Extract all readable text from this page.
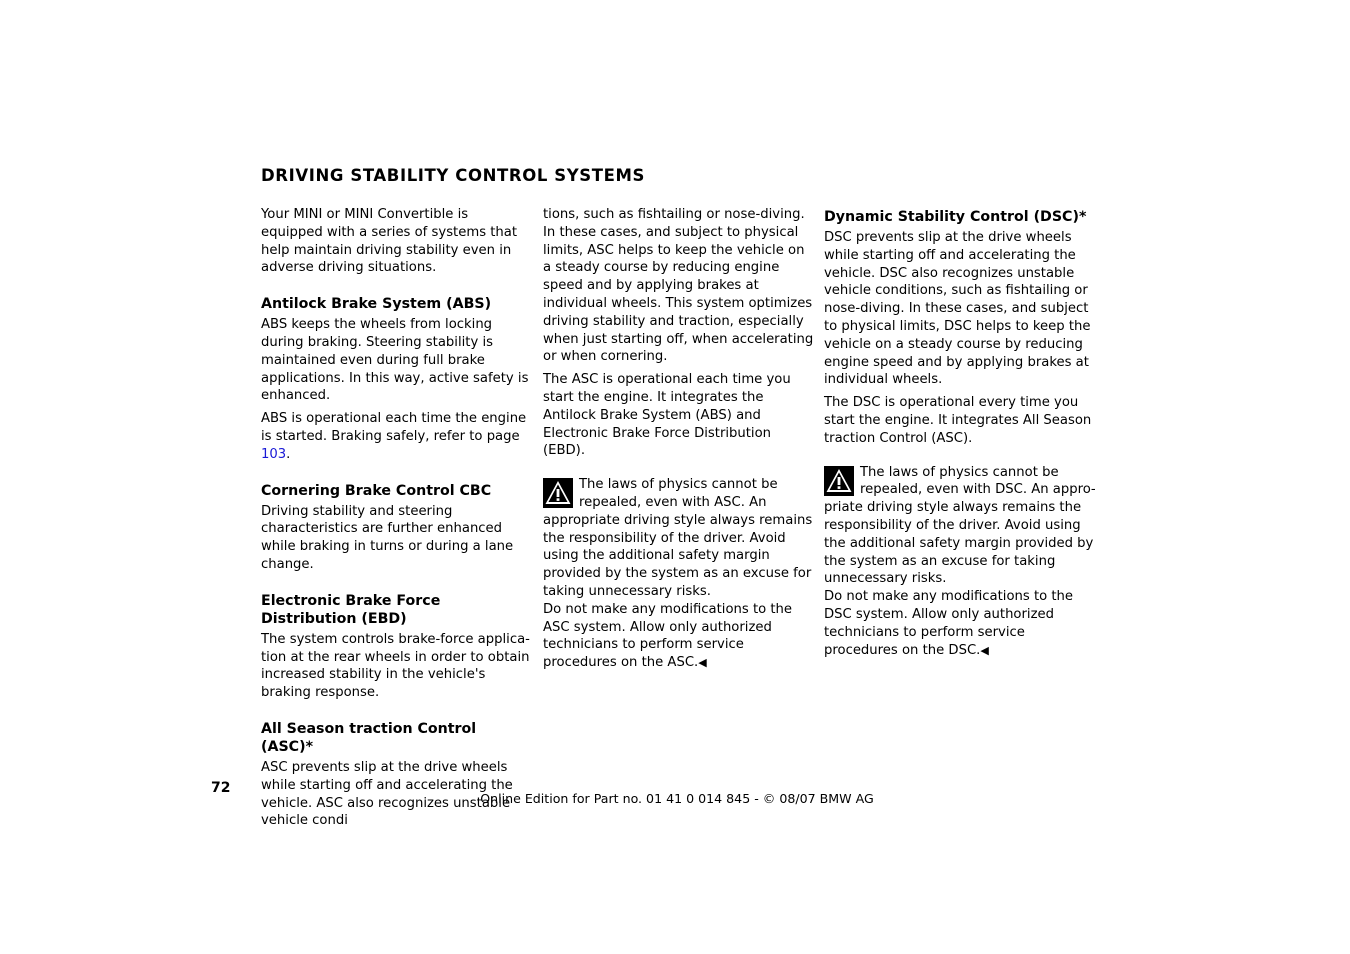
DRIVING STABILITY CONTROL SYSTEMS

Your MINI or MINI Convertible is equipped with a series of systems that help maintain driving stability even in adverse driving situations.

Antilock Brake System (ABS)

ABS keeps the wheels from locking during braking. Steering stability is maintained even during full brake applications. In this way, active safety is enhanced.

ABS is operational each time the engine is started. Braking safely, refer to page 103.

Cornering Brake Control CBC

Driving stability and steering characteristics are further enhanced while braking in turns or during a lane change.

Electronic Brake Force Distribution (EBD)

The system controls brake-force application at the rear wheels in order to obtain increased stability in the vehicle's braking response.

All Season traction Control (ASC)*

ASC prevents slip at the drive wheels while starting off and accelerating the vehicle. ASC also recognizes unstable vehicle condi

tions, such as fishtailing or nose-diving. In these cases, and subject to physical limits, ASC helps to keep the vehicle on a steady course by reducing engine speed and by applying brakes at individual wheels. This system optimizes driving stability and traction, especially when just starting off, when accelerating or when cornering.

The ASC is operational each time you start the engine. It integrates the Antilock Brake System (ABS) and Electronic Brake Force Distribution (EBD).

The laws of physics cannot be repealed, even with ASC. An appropriate driving style always remains the responsibility of the driver. Avoid using the additional safety margin provided by the system as an excuse for taking unnecessary risks.

Do not make any modifications to the ASC system. Allow only authorized technicians to perform service procedures on the ASC.◀

Dynamic Stability Control (DSC)*

DSC prevents slip at the drive wheels while starting off and accelerating the vehicle. DSC also recognizes unstable vehicle conditions, such as fishtailing or nose-diving. In these cases, and subject to physical limits, DSC helps to keep the vehicle on a steady course by reducing engine speed and by applying brakes at individual wheels.

The DSC is operational every time you start the engine. It integrates All Season traction Control (ASC).

The laws of physics cannot be repealed, even with DSC. An appropriate driving style always remains the responsibility of the driver. Avoid using the additional safety margin provided by the system as an excuse for taking unnecessary risks.

Do not make any modifications to the DSC system. Allow only authorized technicians to perform service procedures on the DSC.◀

72
Online Edition for Part no. 01 41 0 014 845 - © 08/07 BMW AG
